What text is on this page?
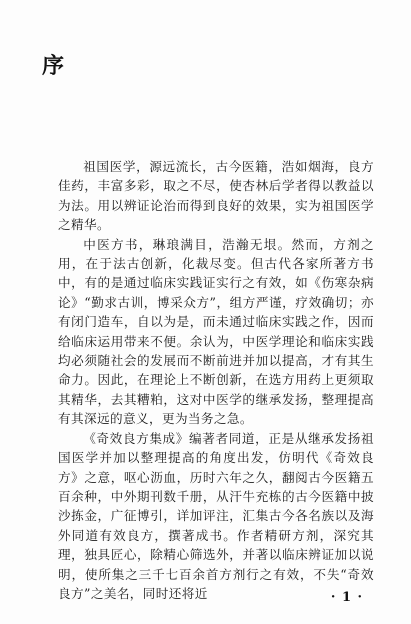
序

祖国医学，源远流长，古今医籍，浩如烟海，良方佳药，丰富多彩，取之不尽，使杏林后学者得以教益以为法。用以辨证论治而得到良好的效果，实为祖国医学之精华。

中医方书，琳琅满目，浩瀚无垠。然而，方剂之用，在于法古创新，化裁尽变。但古代各家所著方书中，有的是通过临床实践证实行之有效，如《伤寒杂病论》“勤求古训，博采众方”，组方严谨，疗效确切；亦有闭门造车，自以为是，而未通过临床实践之作，因而给临床运用带来不便。余认为，中医学理论和临床实践均必须随社会的发展而不断前进并加以提高，才有其生命力。因此，在理论上不断创新，在选方用药上更须取其精华，去其糟粕，这对中医学的继承发扬，整理提高有其深远的意义，更为当务之急。

《奇效良方集成》编著者同道，正是从继承发扬祖国医学并加以整理提高的角度出发，仿明代《奇效良方》之意，呕心沥血，历时六年之久，翻阅古今医籍五百余种，中外期刊数千册，从汗牛充栋的古今医籍中披沙拣金，广征博引，详加评注，汇集古今各名族以及海外同道有效良方，撰著成书。作者精研方剂，深究其理，独具匠心，除精心筛选外，并著以临床辨证加以说明，使所集之三千七百余首方剂行之有效，不失“奇效良方”之美名，同时还将近	· 1 ·
